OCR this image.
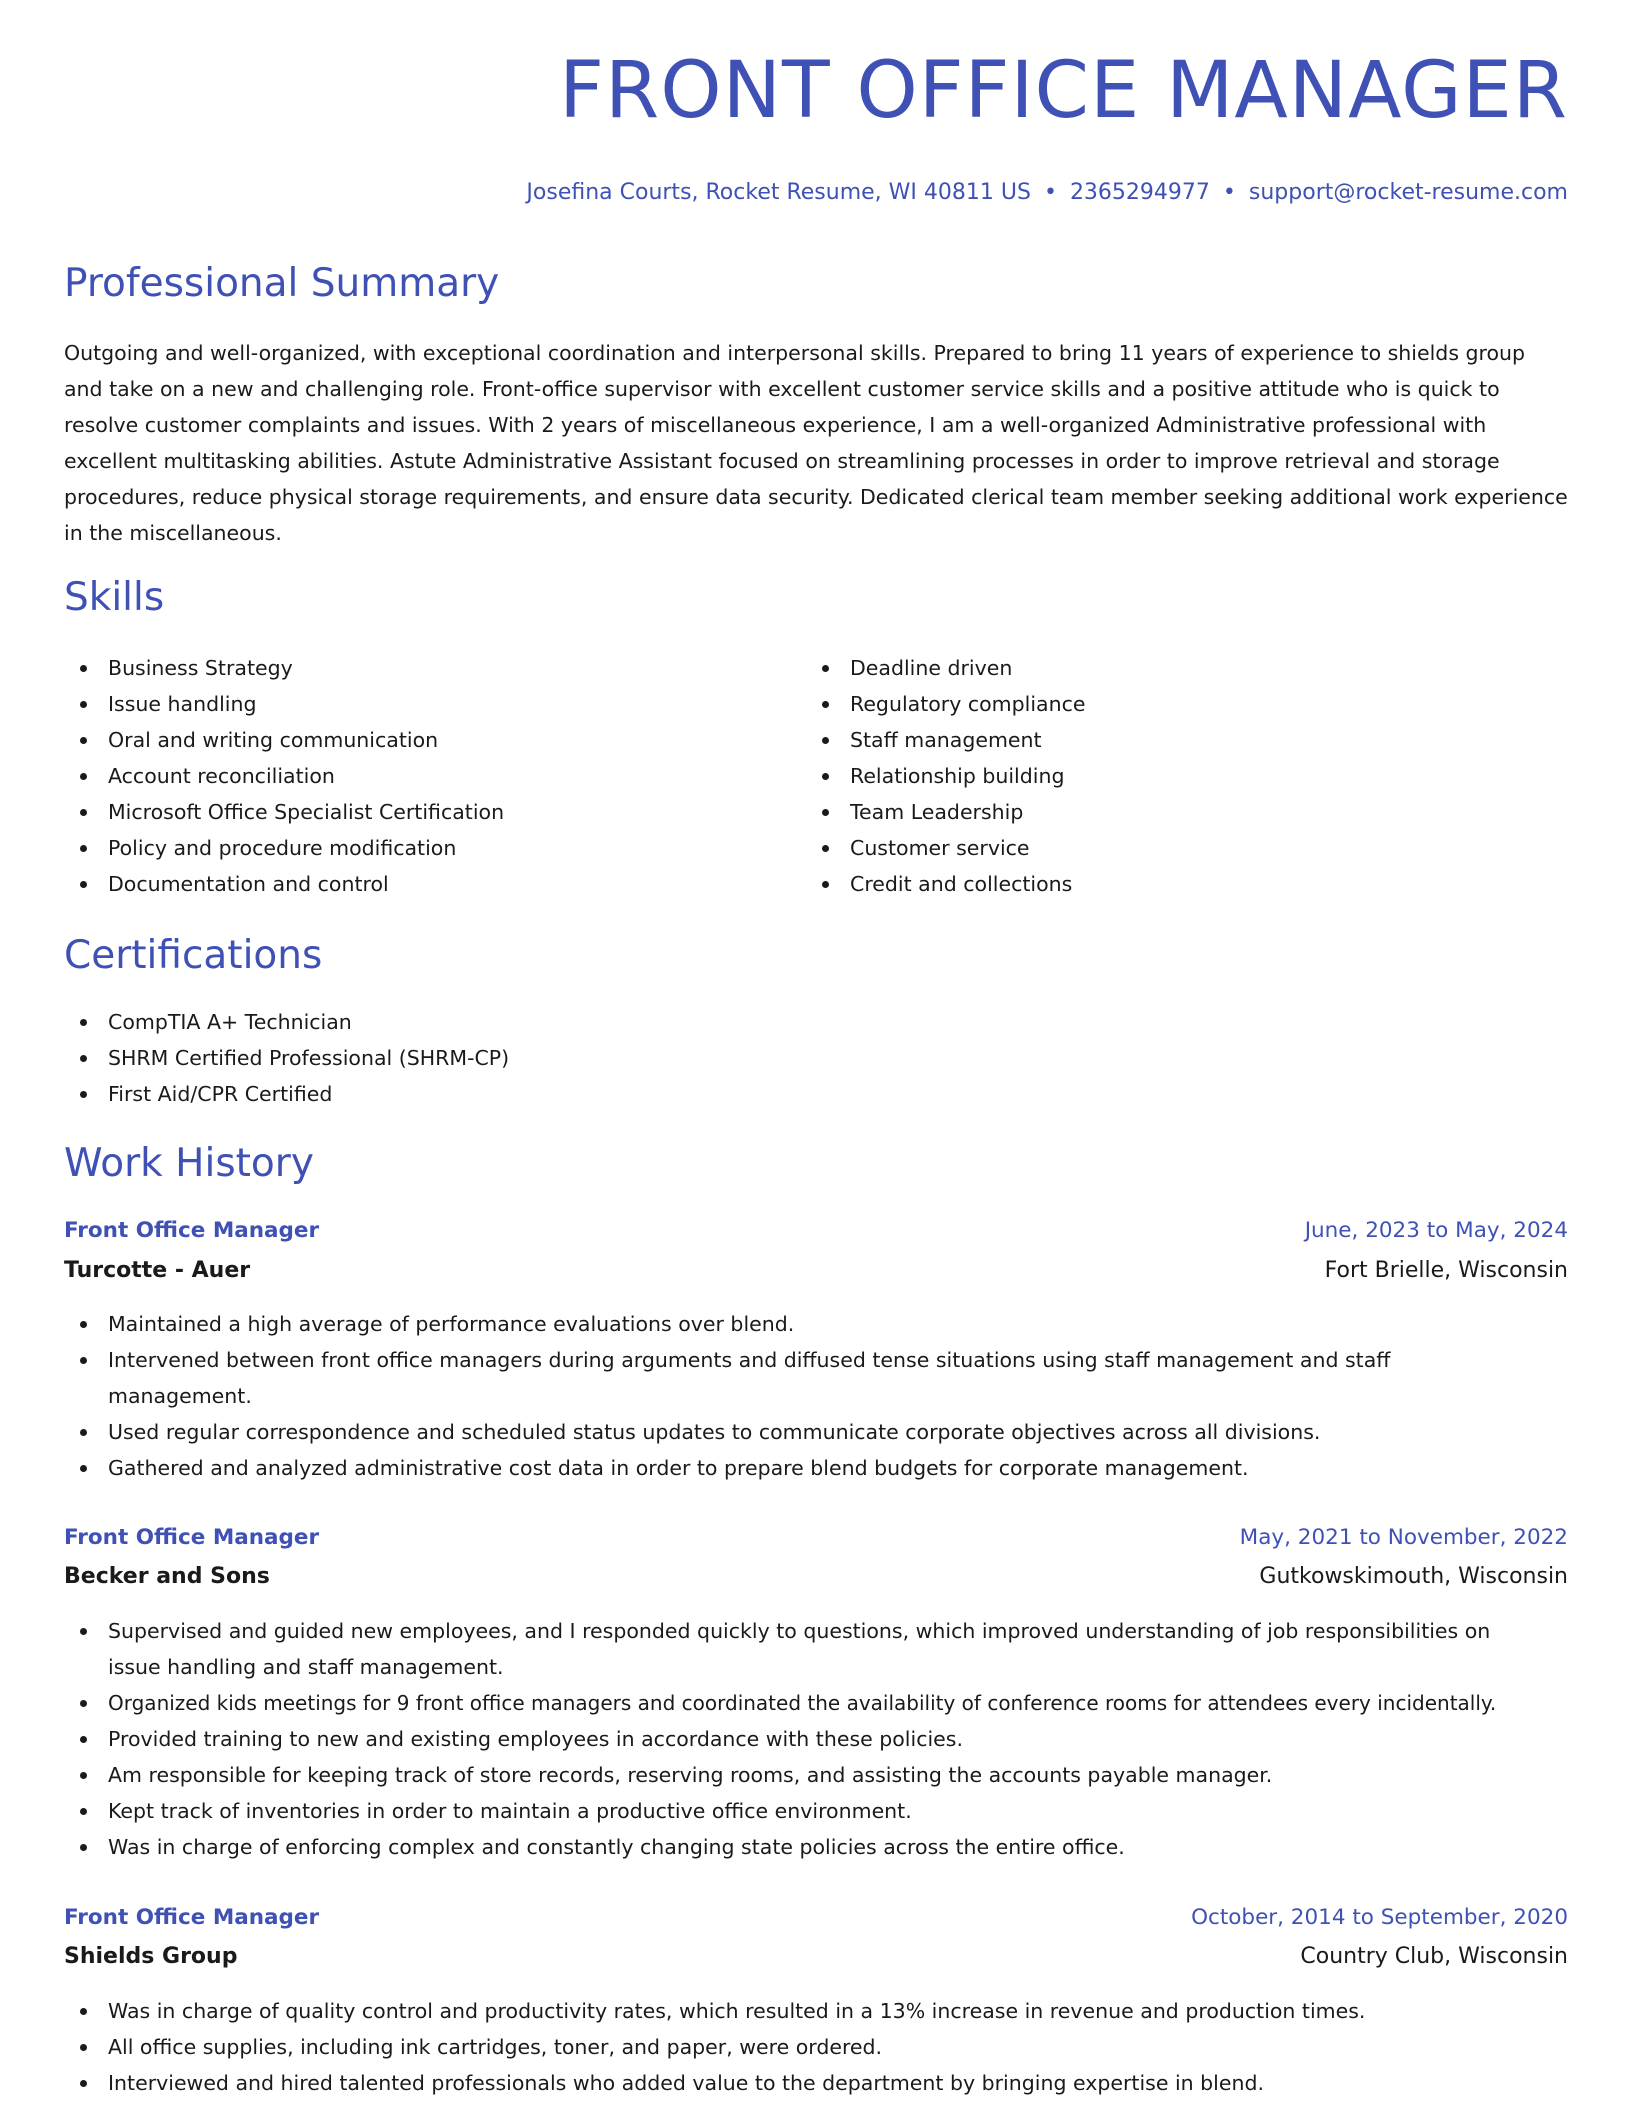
FRONT OFFICE MANAGER
Josefina Courts, Rocket Resume, WI 40811 US • 2365294977 • support@rocket-resume.com
Professional Summary

Outgoing and well-organized, with exceptional coordination and interpersonal skills. Prepared to bring 11 years of experience to shields group and take on a new and challenging role. Front-office supervisor with excellent customer service skills and a positive attitude who is quick to resolve customer complaints and issues. With 2 years of miscellaneous experience, I am a well-organized Administrative professional with excellent multitasking abilities. Astute Administrative Assistant focused on streamlining processes in order to improve retrieval and storage procedures, reduce physical storage requirements, and ensure data security. Dedicated clerical team member seeking additional work experience in the miscellaneous.

Skills
Business Strategy
Issue handling
Oral and writing communication
Account reconciliation
Microsoft Office Specialist Certification
Policy and procedure modification
Documentation and control
Deadline driven
Regulatory compliance
Staff management
Relationship building
Team Leadership
Customer service
Credit and collections
Certifications
CompTIA A+ Technician
SHRM Certified Professional (SHRM-CP)
First Aid/CPR Certified
Work History
Front Office Manager	June, 2023 to May, 2024
Turcotte - Auer	Fort Brielle, Wisconsin
Maintained a high average of performance evaluations over blend.
Intervened between front office managers during arguments and diffused tense situations using staff management and staff management.
Used regular correspondence and scheduled status updates to communicate corporate objectives across all divisions.
Gathered and analyzed administrative cost data in order to prepare blend budgets for corporate management.
Front Office Manager	May, 2021 to November, 2022
Becker and Sons	Gutkowskimouth, Wisconsin
Supervised and guided new employees, and I responded quickly to questions, which improved understanding of job responsibilities on issue handling and staff management.
Organized kids meetings for 9 front office managers and coordinated the availability of conference rooms for attendees every incidentally.
Provided training to new and existing employees in accordance with these policies.
Am responsible for keeping track of store records, reserving rooms, and assisting the accounts payable manager.
Kept track of inventories in order to maintain a productive office environment.
Was in charge of enforcing complex and constantly changing state policies across the entire office.
Front Office Manager	October, 2014 to September, 2020
Shields Group	Country Club, Wisconsin
Was in charge of quality control and productivity rates, which resulted in a 13% increase in revenue and production times.
All office supplies, including ink cartridges, toner, and paper, were ordered.
Interviewed and hired talented professionals who added value to the department by bringing expertise in blend.
